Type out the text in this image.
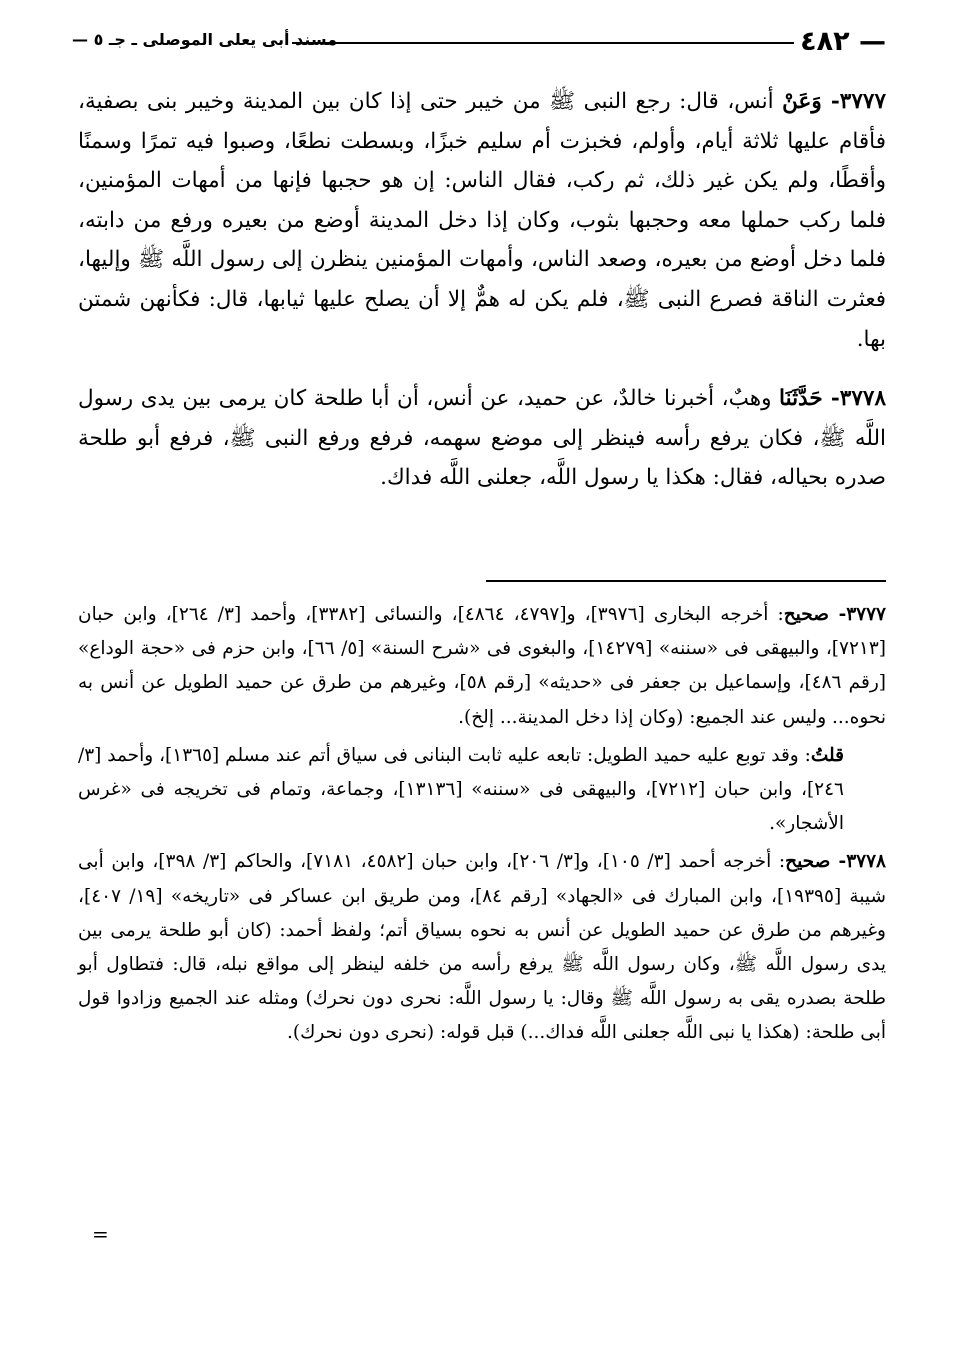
— ٤٨٢
مسند أبى يعلى الموصلى ـ جـ ٥ —

٣٧٧٧- وَعَنْ أنس، قال: رجع النبى ﷺ من خيبر حتى إذا كان بين المدينة وخيبر بنى بصفية، فأقام عليها ثلاثة أيام، وأولم، فخبزت أم سليم خبزًا، وبسطت نطعًا، وصبوا فيه تمرًا وسمنًا وأقطًا، ولم يكن غير ذلك، ثم ركب، فقال الناس: إن هو حجبها فإنها من أمهات المؤمنين، فلما ركب حملها معه وحجبها بثوب، وكان إذا دخل المدينة أوضع من بعيره ورفع من دابته، فلما دخل أوضع من بعيره، وصعد الناس، وأمهات المؤمنين ينظرن إلى رسول اللَّه ﷺ وإليها، فعثرت الناقة فصرع النبى ﷺ، فلم يكن له همٌّ إلا أن يصلح عليها ثيابها، قال: فكأنهن شمتن بها.

٣٧٧٨- حَدَّثَنَا وهبٌ، أخبرنا خالدٌ، عن حميد، عن أنس، أن أبا طلحة كان يرمى بين يدى رسول اللَّه ﷺ، فكان يرفع رأسه فينظر إلى موضع سهمه، فرفع ورفع النبى ﷺ، فرفع أبو طلحة صدره بحياله، فقال: هكذا يا رسول اللَّه، جعلنى اللَّه فداك.

٣٧٧٧- صحيح: أخرجه البخارى [٣٩٧٦]، و[٤٧٩٧، ٤٨٦٤]، والنسائى [٣٣٨٢]، وأحمد [٣/ ٢٦٤]، وابن حبان [٧٢١٣]، والبيهقى فى «سننه» [١٤٢٧٩]، والبغوى فى «شرح السنة» [٥/ ٦٦]، وابن حزم فى «حجة الوداع» [رقم ٤٨٦]، وإسماعيل بن جعفر فى «حديثه» [رقم ٥٨]، وغيرهم من طرق عن حميد الطويل عن أنس به نحوه... وليس عند الجميع: (وكان إذا دخل المدينة... إلخ).

قلتُ: وقد توبع عليه حميد الطويل: تابعه عليه ثابت البنانى فى سياق أتم عند مسلم [١٣٦٥]، وأحمد [٣/ ٢٤٦]، وابن حبان [٧٢١٢]، والبيهقى فى «سننه» [١٣١٣٦]، وجماعة، وتمام فى تخريجه فى «غرس الأشجار».

٣٧٧٨- صحيح: أخرجه أحمد [٣/ ١٠٥]، و[٣/ ٢٠٦]، وابن حبان [٤٥٨٢، ٧١٨١]، والحاكم [٣/ ٣٩٨]، وابن أبى شيبة [١٩٣٩٥]، وابن المبارك فى «الجهاد» [رقم ٨٤]، ومن طريق ابن عساكر فى «تاريخه» [١٩/ ٤٠٧]، وغيرهم من طرق عن حميد الطويل عن أنس به نحوه بسياق أتم؛ ولفظ أحمد: (كان أبو طلحة يرمى بين يدى رسول اللَّه ﷺ، وكان رسول اللَّه ﷺ يرفع رأسه من خلفه لينظر إلى مواقع نبله، قال: فتطاول أبو طلحة بصدره يقى به رسول اللَّه ﷺ وقال: يا رسول اللَّه: نحرى دون نحرك) ومثله عند الجميع وزادوا قول أبى طلحة: (هكذا يا نبى اللَّه جعلنى اللَّه فداك...) قبل قوله: (نحرى دون نحرك).

=
